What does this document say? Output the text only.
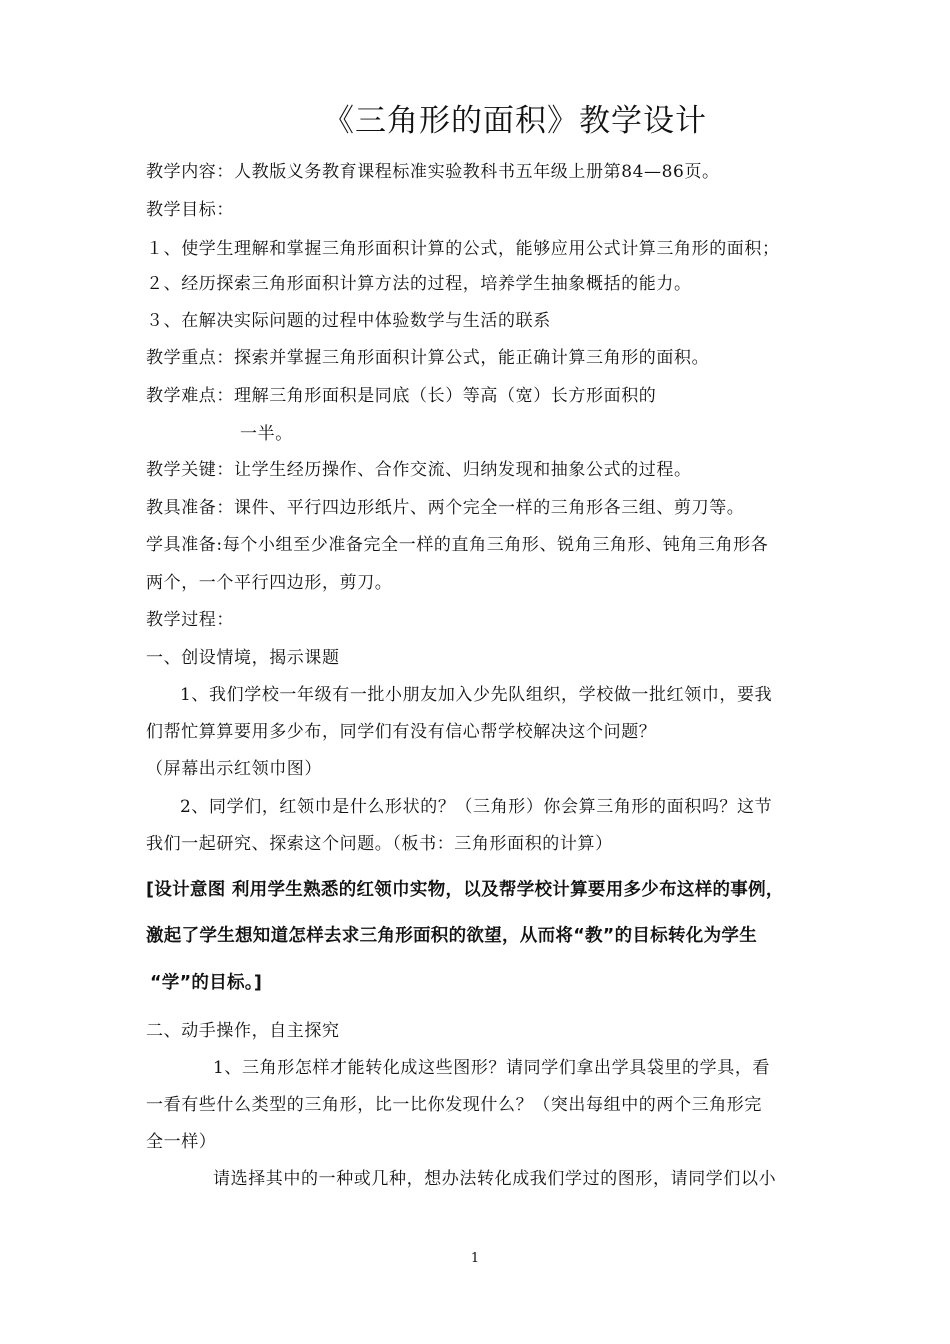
《三角形的面积》教学设计
教学内容：人教版义务教育课程标准实验教科书五年级上册第84—86页。
教学目标：
１、使学生理解和掌握三角形面积计算的公式，能够应用公式计算三角形的面积；
２、经历探索三角形面积计算方法的过程，培养学生抽象概括的能力。
３、在解决实际问题的过程中体验数学与生活的联系
教学重点：探索并掌握三角形面积计算公式，能正确计算三角形的面积。
教学难点：理解三角形面积是同底（长）等高（宽）长方形面积的
一半。
教学关键：让学生经历操作、合作交流、归纳发现和抽象公式的过程。
教具准备：课件、平行四边形纸片、两个完全一样的三角形各三组、剪刀等。
学具准备:每个小组至少准备完全一样的直角三角形、锐角三角形、钝角三角形各
两个，一个平行四边形，剪刀。
教学过程：
一、创设情境，揭示课题
1、我们学校一年级有一批小朋友加入少先队组织，学校做一批红领巾，要我
们帮忙算算要用多少布，同学们有没有信心帮学校解决这个问题？
（屏幕出示红领巾图）
2、同学们，红领巾是什么形状的？（三角形）你会算三角形的面积吗？这节
我们一起研究、探索这个问题。（板书：三角形面积的计算）
[设计意图 利用学生熟悉的红领巾实物，以及帮学校计算要用多少布这样的事例，
激起了学生想知道怎样去求三角形面积的欲望，从而将“教”的目标转化为学生
“学”的目标。]
二、动手操作，自主探究
1、三角形怎样才能转化成这些图形？请同学们拿出学具袋里的学具，看
一看有些什么类型的三角形，比一比你发现什么？（突出每组中的两个三角形完
全一样）
请选择其中的一种或几种，想办法转化成我们学过的图形，请同学们以小
1
